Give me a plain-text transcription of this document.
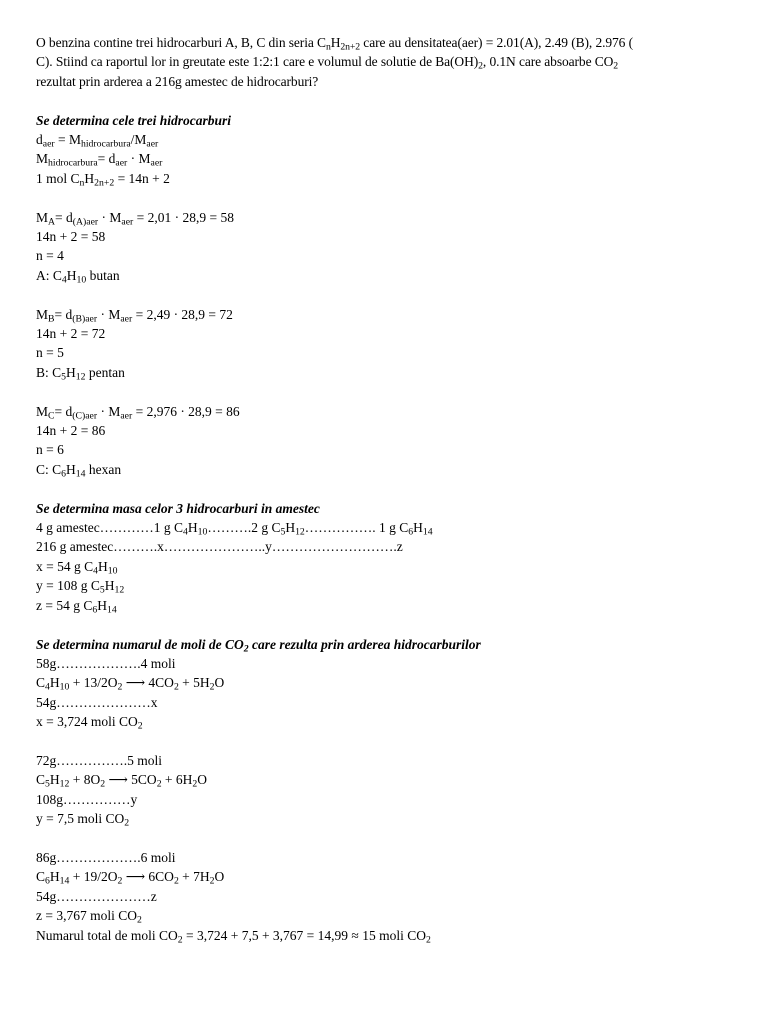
O benzina contine trei hidrocarburi A, B, C din seria $C_nH_{2n+2}$ care au densitatea(aer) = 2.01(A), 2.49 (B), 2.976 (
C). Stiind ca raportul lor in greutate este 1:2:1 care e volumul de solutie de $Ba(OH)_2$, 0.1N care absoarbe $CO_2$
rezultat prin arderea a 216g amestec de hidrocarburi?
Se determina cele trei hidrocarburi
$d_{aer} = M_{hidrocarbura}/M_{aer}$
$M_{hidrocarbura}= d_{aer} \cdot M_{aer}$
1 mol $C_nH_{2n+2} = 14n + 2$
$M_A= d_{(A)aer} \cdot M_{aer} = 2,01 \cdot 28,9 = 58$
14n + 2 = 58
n = 4
A: $C_4H_{10}$ butan
$M_B= d_{(B)aer} \cdot M_{aer} = 2,49 \cdot 28,9 = 72$
14n + 2 = 72
n = 5
B: $C_5H_{12}$ pentan
$M_C= d_{(C)aer} \cdot M_{aer} = 2,976 \cdot 28,9 = 86$
14n + 2 = 86
n = 6
C: $C_6H_{14}$ hexan
Se determina masa celor 3 hidrocarburi in amestec
4 g amestec…………1 g $C_4H_{10}\dots\dots\dots.2$ g $C_5H_{12}\dots\dots\dots\dots\dots$. 1 g $C_6H_{14}$
216 g amestec……….x…………………..y……………………….z
x = 54 g $C_4H_{10}$
y = 108 g $C_5H_{12}$
z = 54 g $C_6H_{14}$
Se determina numarul de moli de $CO_2$ care rezulta prin arderea hidrocarburilor
58g……………….4 moli
$C_4H_{10} + 13/2O_2$ ⟶ $4CO_2 + 5H_2O$
54g…………………x
x = 3,724 moli $CO_2$
72g…………….5 moli
$C_5H_{12} + 8O_2$ ⟶ $5CO_2 + 6H_2O$
108g……………y
y = 7,5 moli $CO_2$
86g……………….6 moli
$C_6H_{14} + 19/2O_2$ ⟶ $6CO_2 + 7H_2O$
54g…………………z
z = 3,767 moli $CO_2$
Numarul total de moli $CO_2 = 3,724 + 7,5 + 3,767 = 14,99 \approx 15$ moli $CO_2$
